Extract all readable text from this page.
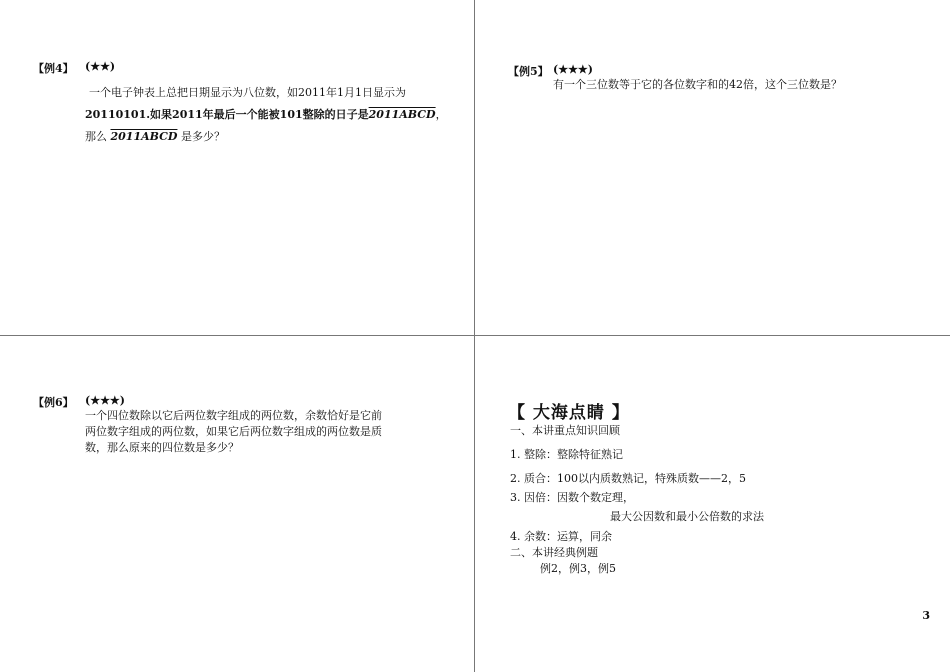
【例4】 (★★)
一个电子钟表上总把日期显示为八位数，如2011年1月1日显示为
20110101.如果2011年最后一个能被101整除的日子是2011ABCD，
那么 2011ABCD 是多少？
【例5】 (★★★)
有一个三位数等于它的各位数字和的42倍，这个三位数是？
【例6】 (★★★)
一个四位数除以它后两位数字组成的两位数，余数恰好是它前
两位数字组成的两位数，如果它后两位数字组成的两位数是质
数，那么原来的四位数是多少？
【 大海点睛 】
一、本讲重点知识回顾
1. 整除：整除特征熟记
2. 质合：100以内质数熟记，特殊质数——2，5
3. 因倍：因数个数定理，
最大公因数和最小公倍数的求法
4. 余数：运算，同余
二、本讲经典例题
例2，例3，例5
3
